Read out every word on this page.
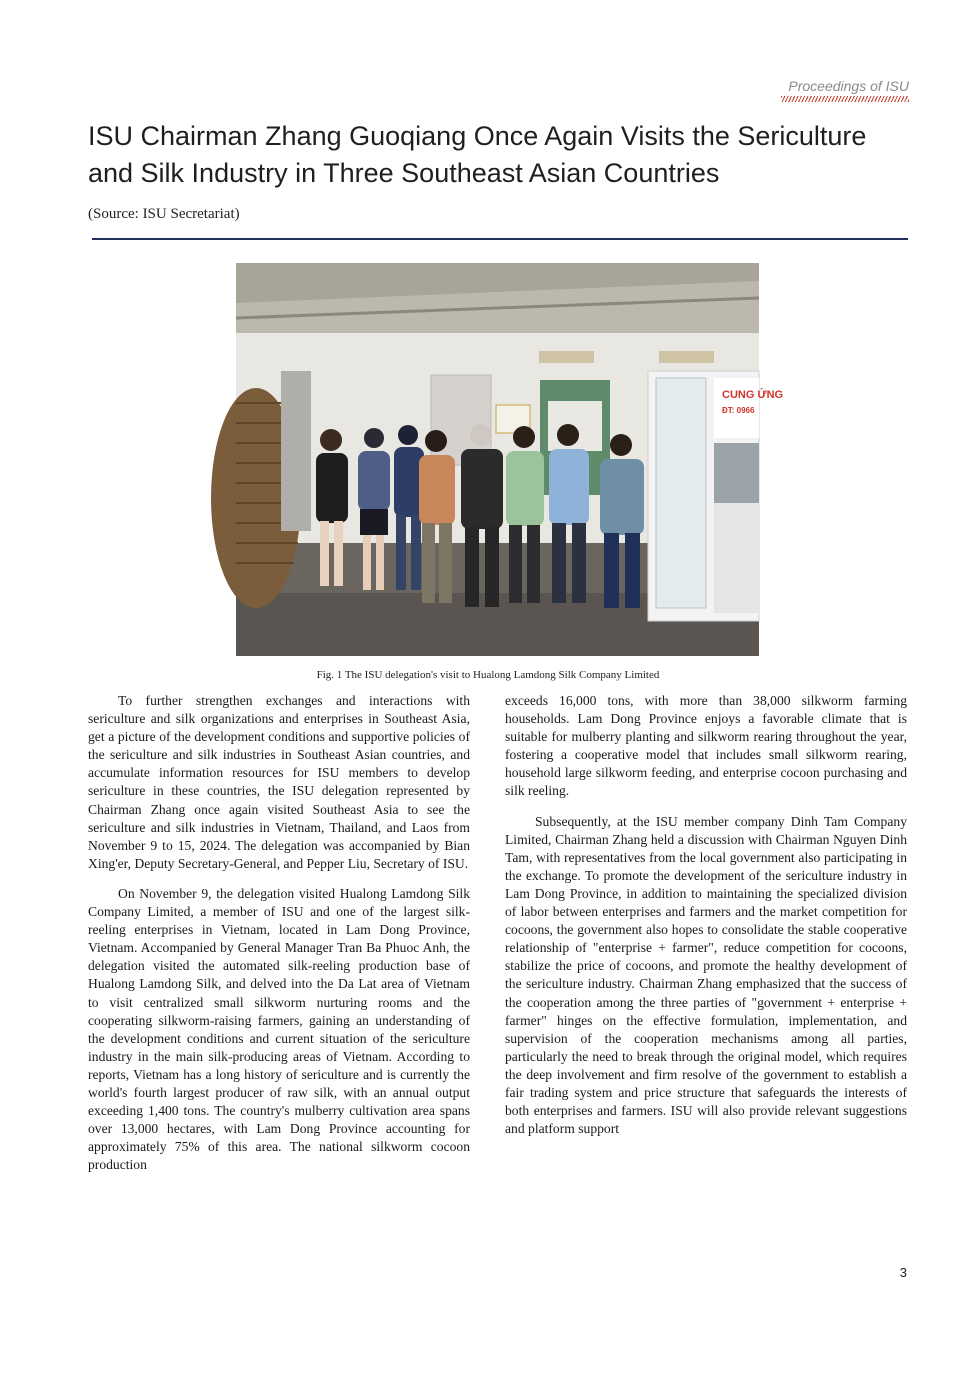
Proceedings of ISU
ISU Chairman Zhang Guoqiang Once Again Visits the Sericulture and Silk Industry in Three Southeast Asian Countries
(Source: ISU Secretariat)
CUNG ỨNG
ĐT: 0966
Fig. 1 The ISU delegation's visit to Hualong Lamdong Silk Company Limited

To further strengthen exchanges and interactions with sericulture and silk organizations and enterprises in Southeast Asia, get a picture of the development conditions and supportive policies of the sericulture and silk industries in Southeast Asian countries, and accumulate information resources for ISU members to develop sericulture in these countries, the ISU delegation represented by Chairman Zhang once again visited Southeast Asia to see the sericulture and silk industries in Vietnam, Thailand, and Laos from November 9 to 15, 2024. The delegation was accompanied by Bian Xing'er, Deputy Secretary-General, and Pepper Liu, Secretary of ISU.

On November 9, the delegation visited Hualong Lamdong Silk Company Limited, a member of ISU and one of the largest silk-reeling enterprises in Vietnam, located in Lam Dong Province, Vietnam. Accompanied by General Manager Tran Ba Phuoc Anh, the delegation visited the automated silk-reeling production base of Hualong Lamdong Silk, and delved into the Da Lat area of Vietnam to visit centralized small silkworm nurturing rooms and the cooperating silkworm-raising farmers, gaining an understanding of the development conditions and current situation of the sericulture industry in the main silk-producing areas of Vietnam. According to reports, Vietnam has a long history of sericulture and is currently the world's fourth largest producer of raw silk, with an annual output exceeding 1,400 tons. The country's mulberry cultivation area spans over 13,000 hectares, with Lam Dong Province accounting for approximately 75% of this area. The national silkworm cocoon production

exceeds 16,000 tons, with more than 38,000 silkworm farming households. Lam Dong Province enjoys a favorable climate that is suitable for mulberry planting and silkworm rearing throughout the year, fostering a cooperative model that includes small silkworm rearing, household large silkworm feeding, and enterprise cocoon purchasing and silk reeling.

Subsequently, at the ISU member company Dinh Tam Company Limited, Chairman Zhang held a discussion with Chairman Nguyen Dinh Tam, with representatives from the local government also participating in the exchange. To promote the development of the sericulture industry in Lam Dong Province, in addition to maintaining the specialized division of labor between enterprises and farmers and the market competition for cocoons, the government also hopes to consolidate the stable cooperative relationship of "enterprise + farmer", reduce competition for cocoons, stabilize the price of cocoons, and promote the healthy development of the sericulture industry. Chairman Zhang emphasized that the success of the cooperation among the three parties of "government + enterprise + farmer" hinges on the effective formulation, implementation, and supervision of the cooperation mechanisms among all parties, particularly the need to break through the original model, which requires the deep involvement and firm resolve of the government to establish a fair trading system and price structure that safeguards the interests of both enterprises and farmers. ISU will also provide relevant suggestions and platform support

3
